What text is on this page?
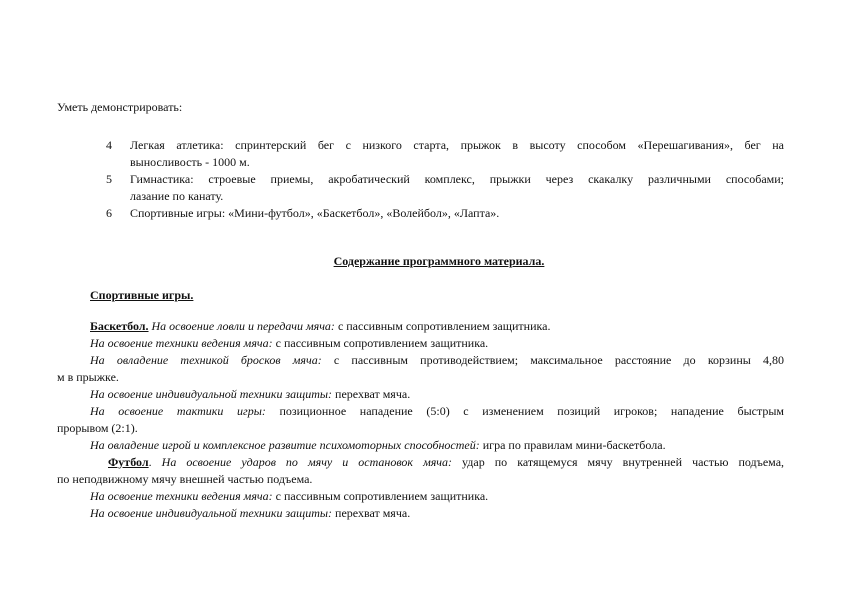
Уметь демонстрировать:
4 Легкая атлетика: спринтерский бег с низкого старта, прыжок в высоту способом «Перешагивания», бег на
выносливость - 1000 м.
5 Гимнастика: строевые приемы, акробатический комплекс, прыжки через скакалку различными способами;
лазание по канату.
6 Спортивные игры: «Мини-футбол», «Баскетбол», «Волейбол», «Лапта».
Содержание программного материала.
Спортивные игры.
Баскетбол. На освоение ловли и передачи мяча: с пассивным сопротивлением защитника.
На освоение техники ведения мяча: с пассивным сопротивлением защитника.
На овладение техникой бросков мяча: с пассивным противодействием; максимальное расстояние до корзины 4,80
м в прыжке.
На освоение индивидуальной техники защиты: перехват мяча.
На освоение тактики игры: позиционное нападение (5:0) с изменением позиций игроков; нападение быстрым
прорывом (2:1).
На овладение игрой и комплексное развитие психомоторных способностей: игра по правилам мини-баскетбола.
Футбол. На освоение ударов по мячу и остановок мяча: удар по катящемуся мячу внутренней частью подъема,
по неподвижному мячу внешней частью подъема.
На освоение техники ведения мяча: с пассивным сопротивлением защитника.
На освоение индивидуальной техники защиты: перехват мяча.
